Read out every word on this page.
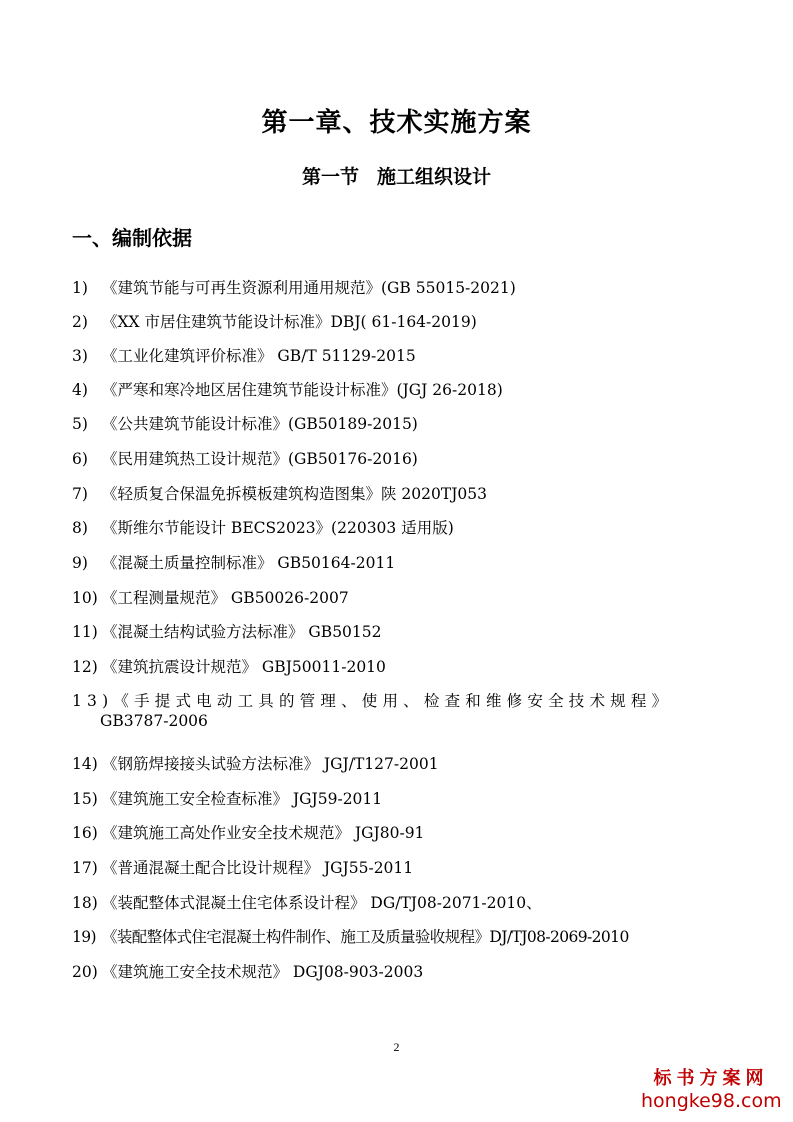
第一章、技术实施方案
第一节 施工组织设计
一、编制依据
1) 《建筑节能与可再生资源利用通用规范》(GB 55015-2021)
2) 《XX 市居住建筑节能设计标准》DBJ( 61-164-2019)
3) 《工业化建筑评价标准》 GB/T 51129-2015
4) 《严寒和寒冷地区居住建筑节能设计标准》(JGJ 26-2018)
5) 《公共建筑节能设计标准》(GB50189-2015)
6) 《民用建筑热工设计规范》(GB50176-2016)
7) 《轻质复合保温免拆模板建筑构造图集》陕 2020TJ053
8) 《斯维尔节能设计 BECS2023》(220303 适用版)
9) 《混凝土质量控制标准》 GB50164-2011
10) 《工程测量规范》 GB50026-2007
11) 《混凝土结构试验方法标准》 GB50152
12) 《建筑抗震设计规范》 GBJ50011-2010
13)《手提式电动工具的管理、使用、检查和维修安全技术规程》
GB3787-2006
14) 《钢筋焊接接头试验方法标准》 JGJ/T127-2001
15) 《建筑施工安全检查标准》 JGJ59-2011
16) 《建筑施工高处作业安全技术规范》 JGJ80-91
17) 《普通混凝土配合比设计规程》 JGJ55-2011
18) 《装配整体式混凝土住宅体系设计程》 DG/TJ08-2071-2010、
19) 《装配整体式住宅混凝土构件制作、施工及质量验收规程》DJ/TJ08-2069-2010
20) 《建筑施工安全技术规范》 DGJ08-903-2003
2
标书方案网
hongke98.com
